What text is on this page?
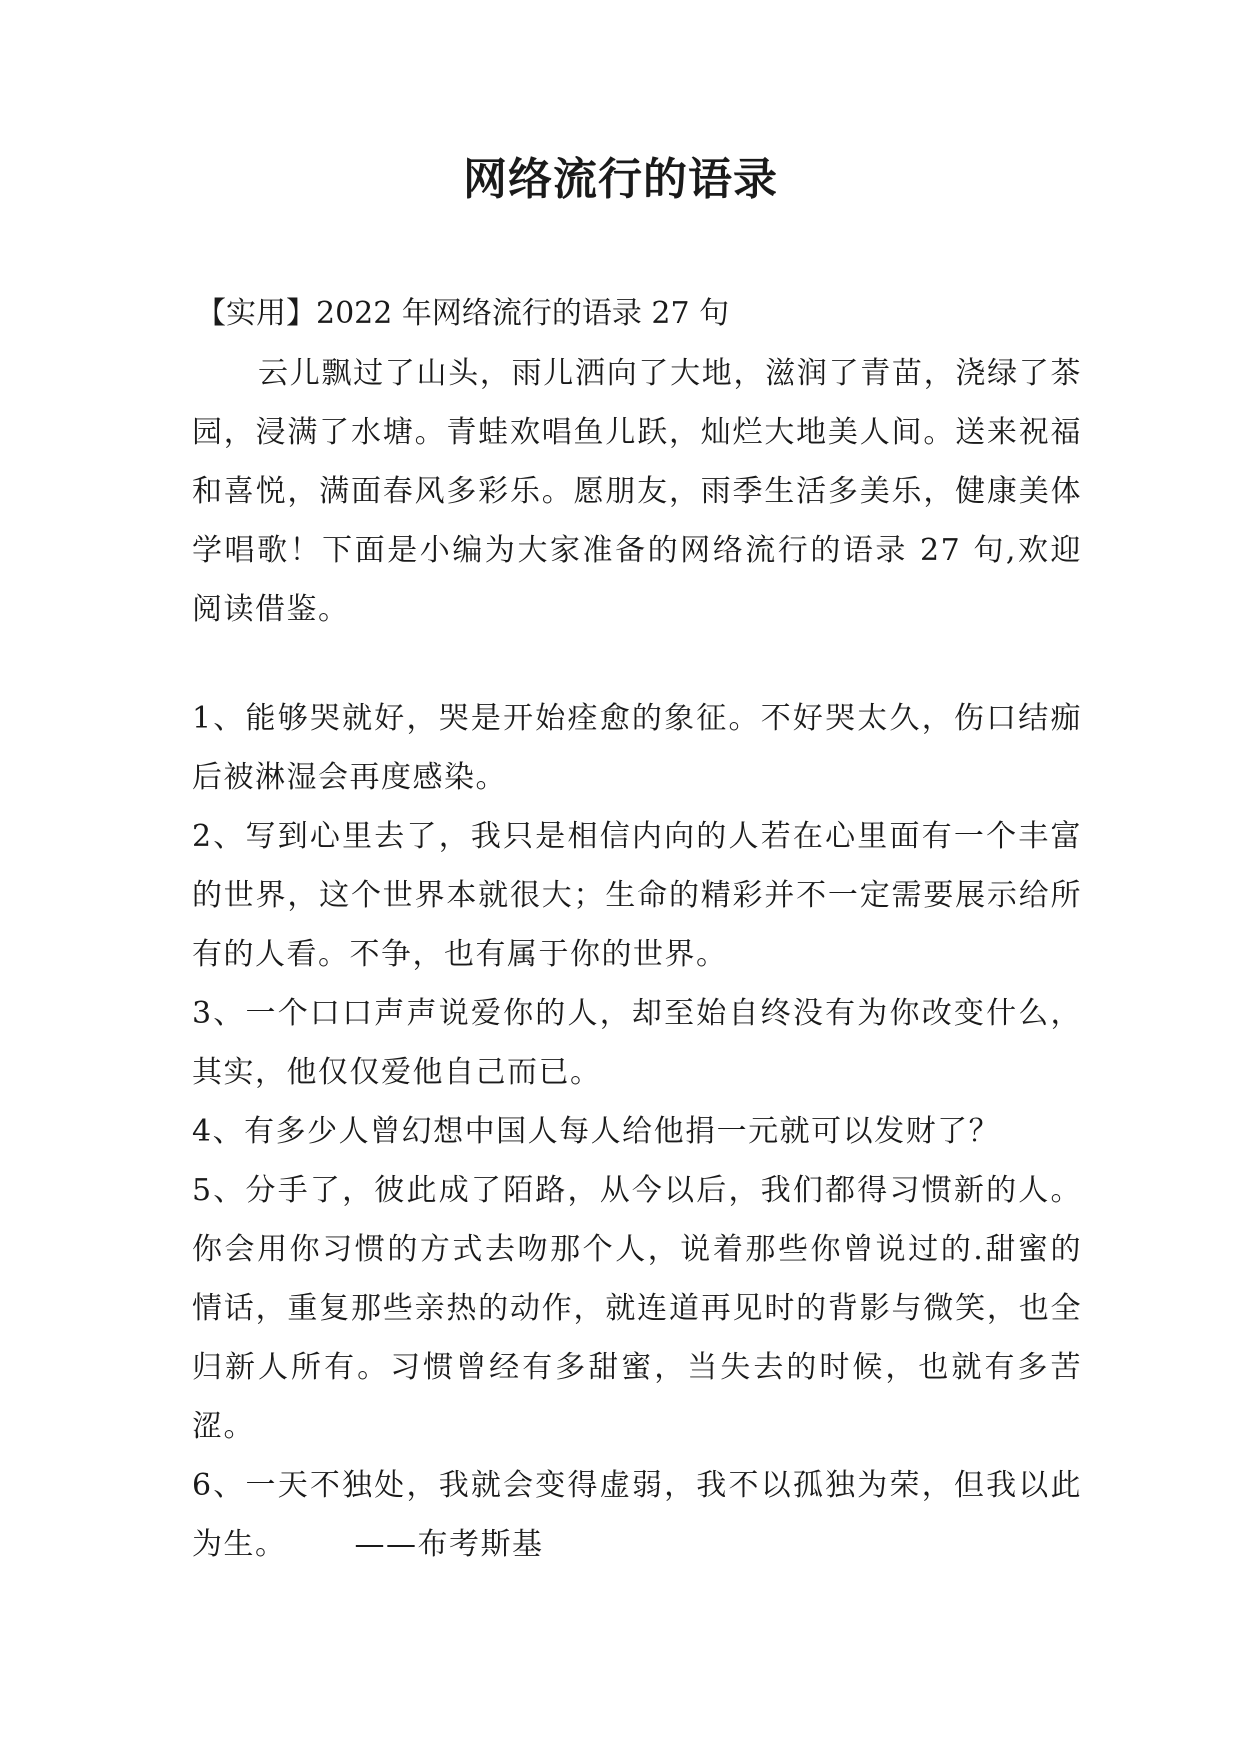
网络流行的语录
【实用】2022 年网络流行的语录 27 句
云儿飘过了山头，雨儿洒向了大地，滋润了青苗，浇绿了茶园，浸满了水塘。青蛙欢唱鱼儿跃，灿烂大地美人间。送来祝福和喜悦，满面春风多彩乐。愿朋友，雨季生活多美乐，健康美体学唱歌！下面是小编为大家准备的网络流行的语录 27 句,欢迎阅读借鉴。

1、能够哭就好，哭是开始痊愈的象征。不好哭太久，伤口结痂后被淋湿会再度感染。

2、写到心里去了，我只是相信内向的人若在心里面有一个丰富的世界，这个世界本就很大；生命的精彩并不一定需要展示给所有的人看。不争，也有属于你的世界。

3、一个口口声声说爱你的人，却至始自终没有为你改变什么，其实，他仅仅爱他自己而已。

4、有多少人曾幻想中国人每人给他捐一元就可以发财了？

5、分手了，彼此成了陌路，从今以后，我们都得习惯新的人。你会用你习惯的方式去吻那个人，说着那些你曾说过的.甜蜜的情话，重复那些亲热的动作，就连道再见时的背影与微笑，也全归新人所有。习惯曾经有多甜蜜，当失去的时候，也就有多苦涩。

6、一天不独处，我就会变得虚弱，我不以孤独为荣，但我以此为生。 ——布考斯基
